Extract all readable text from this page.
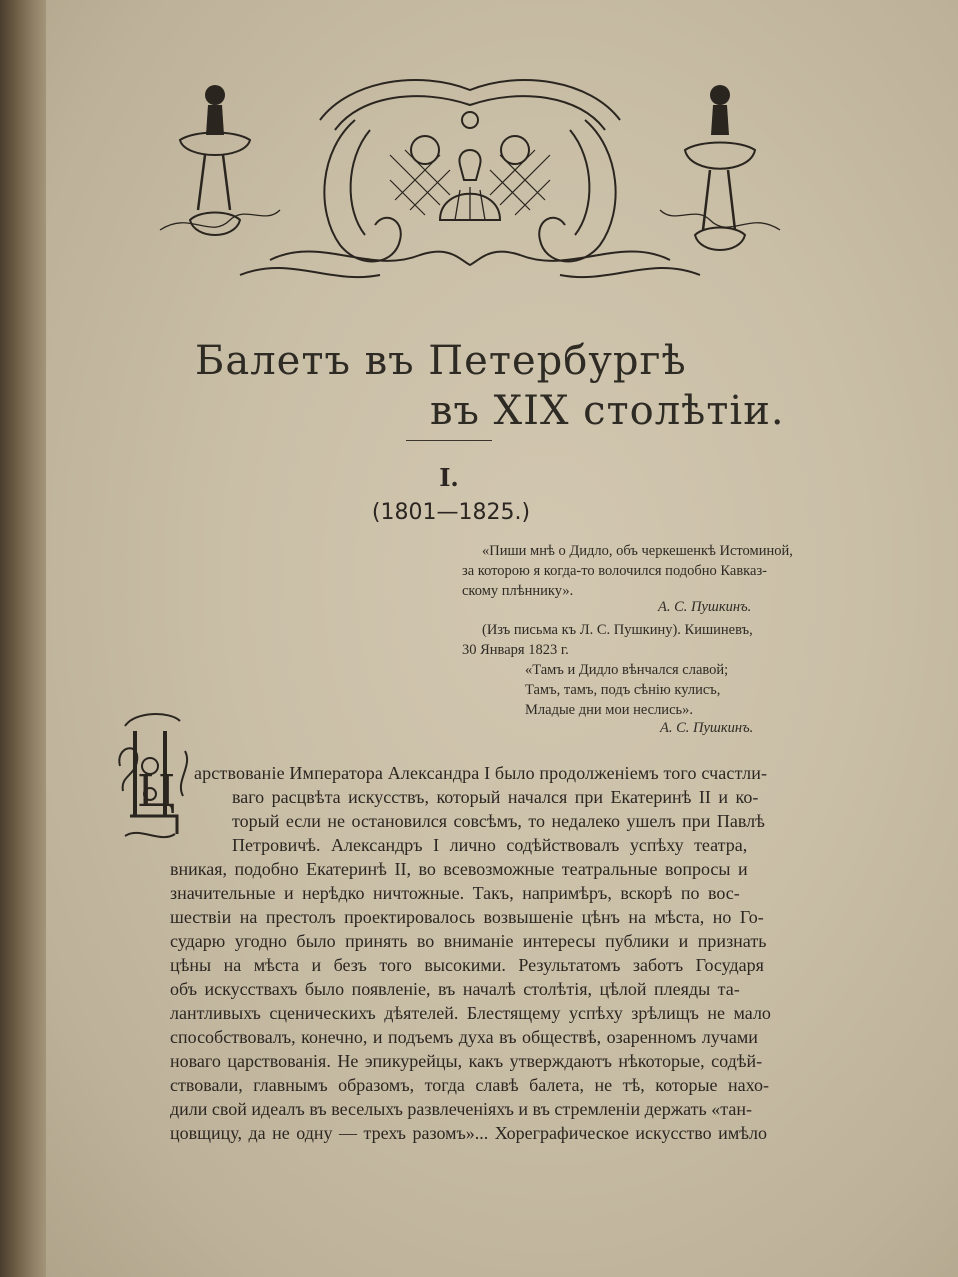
Балетъ въ Петербургѣ
въ XIX столѣтіи.
I.
(1801—1825.)
«Пиши мнѣ о Дидло, объ черкешенкѣ Истоминой,
за которою я когда-то волочился подобно Кавказ-
скому плѣннику».
А. С. Пушкинъ.
(Изъ письма къ Л. С. Пушкину). Кишиневъ,
30 Января 1823 г.
«Тамъ и Дидло вѣнчался славой;
Тамъ, тамъ, подъ сѣнію кулисъ,
Младые дни мои неслись».
А. С. Пушкинъ.
Ц арствованіе Императора Александра I было продолженіемъ того счастли-
ваго расцвѣта искусствъ, который начался при Екатеринѣ II и ко-
торый если не остановился совсѣмъ, то недалеко ушелъ при Павлѣ
Петровичѣ. Александръ I лично содѣйствовалъ успѣху театра,
вникая, подобно Екатеринѣ II, во всевозможные театральные вопросы и
значительные и нерѣдко ничтожные. Такъ, напримѣръ, вскорѣ по вос-
шествіи на престолъ проектировалось возвышеніе цѣнъ на мѣста, но Го-
сударю угодно было принять во вниманіе интересы публики и признать
цѣны на мѣста и безъ того высокими. Результатомъ заботъ Государя
объ искусствахъ было появленіе, въ началѣ столѣтія, цѣлой плеяды та-
лантливыхъ сценическихъ дѣятелей. Блестящему успѣху зрѣлищъ не мало
способствовалъ, конечно, и подъемъ духа въ обществѣ, озаренномъ лучами
новаго царствованія. Не эпикурейцы, какъ утверждаютъ нѣкоторые, содѣй-
ствовали, главнымъ образомъ, тогда славѣ балета, не тѣ, которые нахо-
дили свой идеалъ въ веселыхъ развлеченіяхъ и въ стремленіи держать «тан-
цовщицу, да не одну — трехъ разомъ»... Хореграфическое искусство имѣло
